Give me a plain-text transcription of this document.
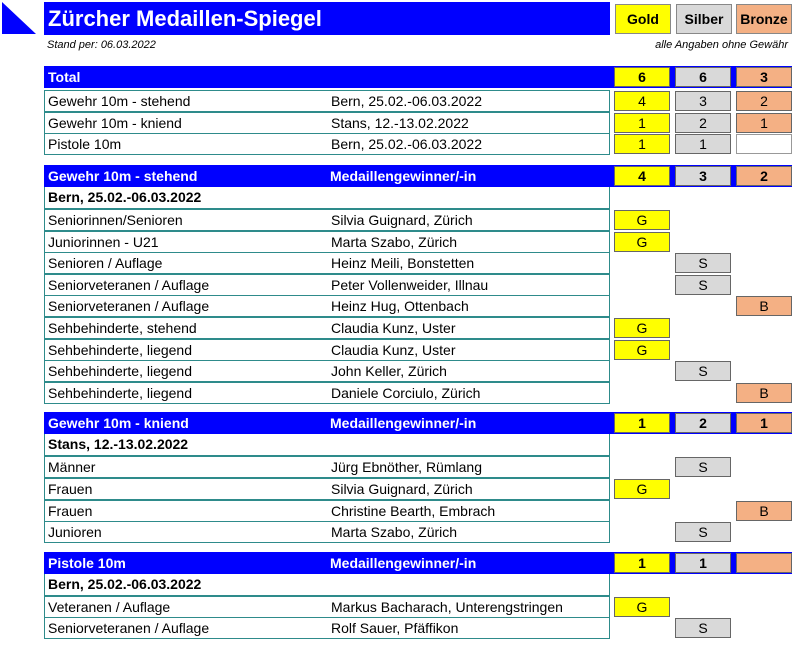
Zürcher Medaillen-Spiegel	Gold	Silber	Bronze
Stand per: 06.03.2022	alle Angaben ohne Gewähr
Total	6	6	3
Gewehr 10m - stehend	Bern, 25.02.-06.03.2022	4	3	2
Gewehr 10m - kniend	Stans, 12.-13.02.2022	1	2	1
Pistole 10m	Bern, 25.02.-06.03.2022	1	1
Gewehr 10m - stehend	Medaillengewinner/-in	4	3	2
Bern, 25.02.-06.03.2022
Seniorinnen/Senioren	Silvia Guignard, Zürich	G
Juniorinnen - U21	Marta Szabo, Zürich	G
Senioren / Auflage	Heinz Meili, Bonstetten	S
Seniorveteranen / Auflage	Peter Vollenweider, Illnau	S
Seniorveteranen / Auflage	Heinz Hug, Ottenbach	B
Sehbehinderte, stehend	Claudia Kunz, Uster	G
Sehbehinderte, liegend	Claudia Kunz, Uster	G
Sehbehinderte, liegend	John Keller, Zürich	S
Sehbehinderte, liegend	Daniele Corciulo, Zürich	B
Gewehr 10m - kniend	Medaillengewinner/-in	1	2	1
Stans, 12.-13.02.2022
Männer	Jürg Ebnöther, Rümlang	S
Frauen	Silvia Guignard, Zürich	G
Frauen	Christine Bearth, Embrach	B
Junioren	Marta Szabo, Zürich	S
Pistole 10m	Medaillengewinner/-in	1	1
Bern, 25.02.-06.03.2022
Veteranen / Auflage	Markus Bacharach, Unterengstringen	G
Seniorveteranen / Auflage	Rolf Sauer, Pfäffikon	S
